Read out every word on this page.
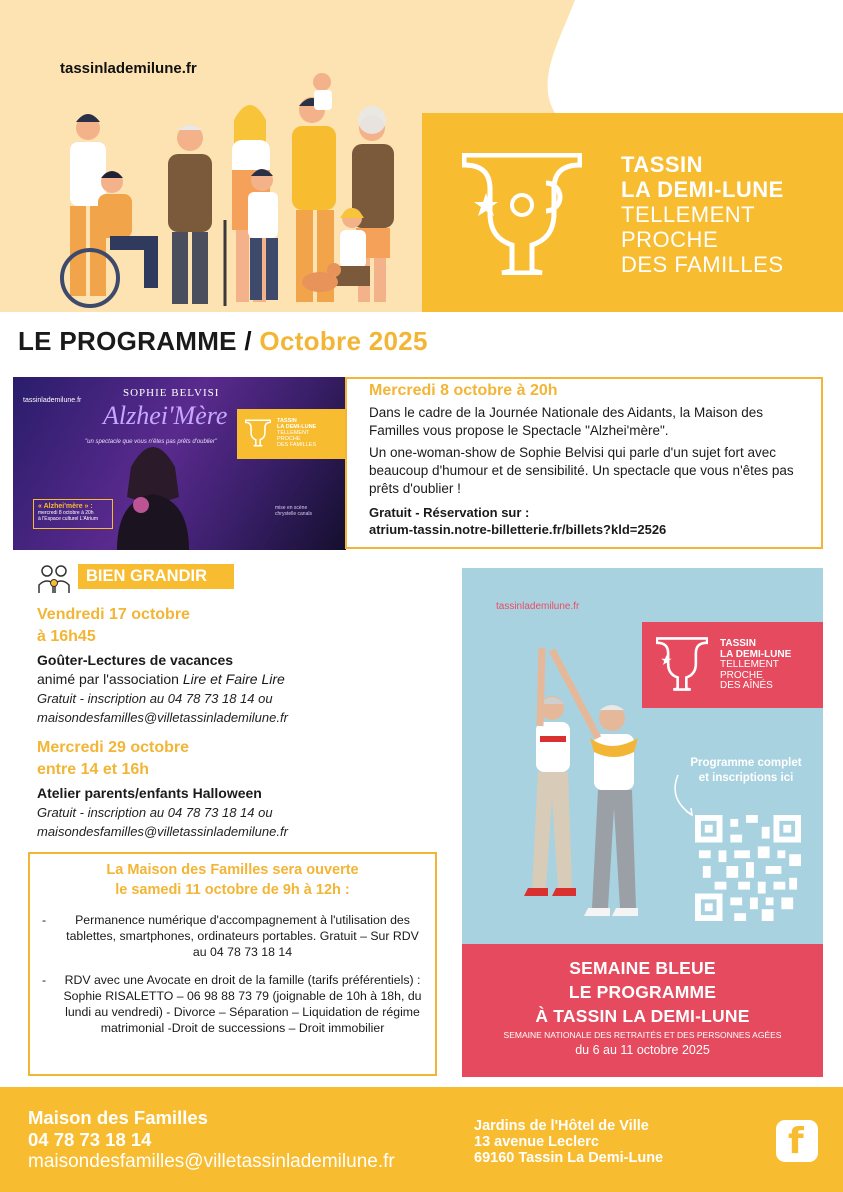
tassinlademilune.fr
TASSIN
LA DEMI-LUNE
TELLEMENT
PROCHE
DES FAMILLES
LE PROGRAMME / Octobre 2025
tassinlademilune.fr
SOPHIE BELVISI
Alzhei'Mère
"un spectacle que vous n'êtes pas prêts d'oublier"
TASSIN
LA DEMI-LUNE
TELLEMENT
PROCHE
DES FAMILLES
« Alzhei'mère » :
mercredi 8 octobre à 20h
à l'Espace culturel L'Atrium
mise en scène
chrystelle canals
Mercredi 8 octobre à 20h

Dans le cadre de la Journée Nationale des Aidants, la Maison des Familles vous propose le Spectacle "Alzhei'mère".

Un one-woman-show de Sophie Belvisi qui parle d'un sujet fort avec beaucoup d'humour et de sensibilité. Un spectacle que vous n'êtes pas prêts d'oublier !

Gratuit - Réservation sur :
atrium-tassin.notre-billetterie.fr/billets?kld=2526
BIEN GRANDIR
Vendredi 17 octobre
à 16h45
Goûter-Lectures de vacances
animé par l'association Lire et Faire Lire
Gratuit - inscription au 04 78 73 18 14 ou
maisondesfamilles@villetassinlademilune.fr
Mercredi 29 octobre
entre 14 et 16h
Atelier parents/enfants Halloween
Gratuit - inscription au 04 78 73 18 14 ou
maisondesfamilles@villetassinlademilune.fr
La Maison des Familles sera ouverte
le samedi 11 octobre de 9h à 12h :
- Permanence numérique d'accompagnement à l'utilisation des tablettes, smartphones, ordinateurs portables. Gratuit – Sur RDV au 04 78 73 18 14
- RDV avec une Avocate en droit de la famille (tarifs préférentiels) : Sophie RISALETTO – 06 98 88 73 79 (joignable de 10h à 18h, du lundi au vendredi) - Divorce – Séparation – Liquidation de régime matrimonial -Droit de successions – Droit immobilier
tassinlademilune.fr
TASSIN
LA DEMI-LUNE
TELLEMENT
PROCHE
DES AÎNÉS
Programme complet
et inscriptions ici
SEMAINE BLEUE
LE PROGRAMME
À TASSIN LA DEMI-LUNE
SEMAINE NATIONALE DES RETRAITÉS ET DES PERSONNES AGÉES
du 6 au 11 octobre 2025
Maison des Familles
04 78 73 18 14
maisondesfamilles@villetassinlademilune.fr
Jardins de l'Hôtel de Ville
13 avenue Leclerc
69160 Tassin La Demi-Lune	f
